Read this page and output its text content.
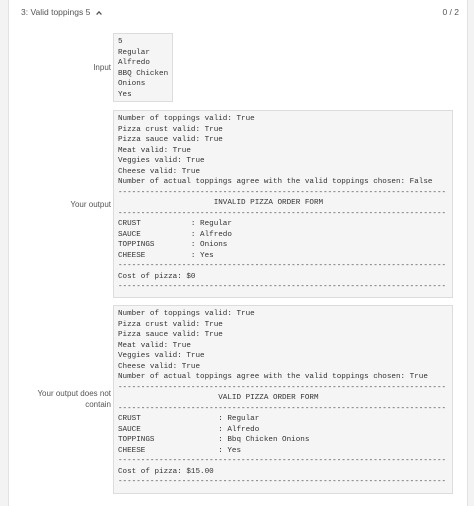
3: Valid toppings 5	0 / 2
Input
5
Regular
Alfredo
BBQ Chicken
Onions
Yes
Your output
Number of toppings valid: True
Pizza crust valid: True
Pizza sauce valid: True
Meat valid: True
Veggies valid: True
Cheese valid: True
Number of actual toppings agree with the valid toppings chosen: False
------------------------------------------------------------------------
INVALID PIZZA ORDER FORM
------------------------------------------------------------------------
CRUST           : Regular
SAUCE           : Alfredo
TOPPINGS        : Onions
CHEESE          : Yes
------------------------------------------------------------------------
Cost of pizza: $0
------------------------------------------------------------------------
Your output does not
contain
Number of toppings valid: True
Pizza crust valid: True
Pizza sauce valid: True
Meat valid: True
Veggies valid: True
Cheese valid: True
Number of actual toppings agree with the valid toppings chosen: True
------------------------------------------------------------------------
VALID PIZZA ORDER FORM
------------------------------------------------------------------------
CRUST                 : Regular
SAUCE                 : Alfredo
TOPPINGS              : Bbq Chicken Onions
CHEESE                : Yes
------------------------------------------------------------------------
Cost of pizza: $15.00
------------------------------------------------------------------------
